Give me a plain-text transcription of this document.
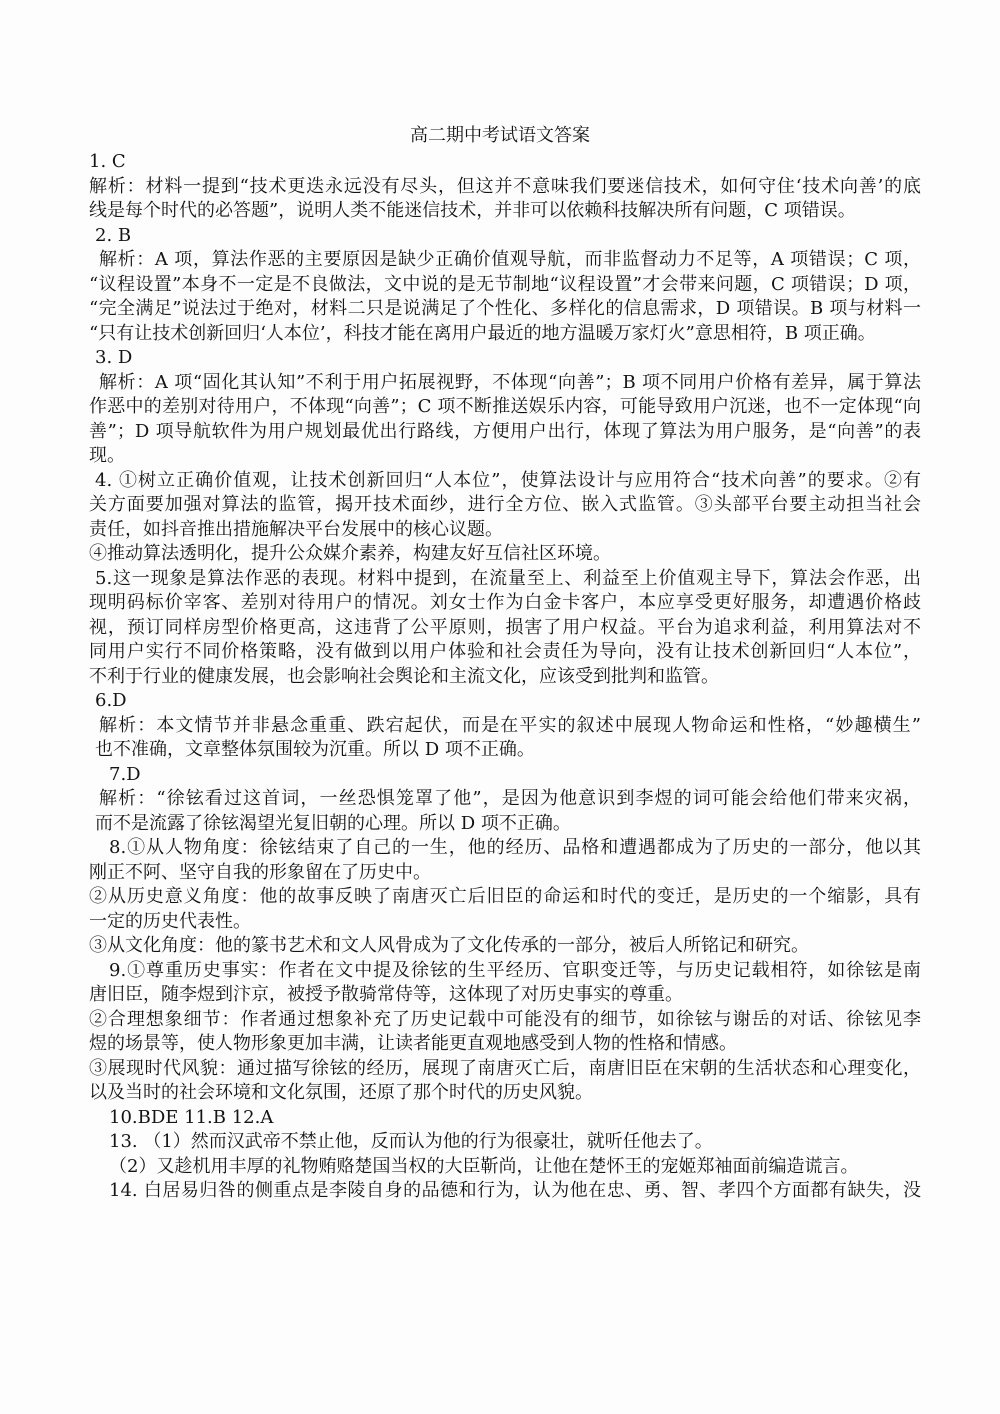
高二期中考试语文答案
1. C
解析：材料一提到“技术更迭永远没有尽头，但这并不意味我们要迷信技术，如何守住‘技术向善’的底
线是每个时代的必答题”，说明人类不能迷信技术，并非可以依赖科技解决所有问题，C 项错误。
2. B
解析：A 项，算法作恶的主要原因是缺少正确价值观导航，而非监督动力不足等，A 项错误；C 项，
“议程设置”本身不一定是不良做法，文中说的是无节制地“议程设置”才会带来问题，C 项错误；D 项，
“完全满足”说法过于绝对，材料二只是说满足了个性化、多样化的信息需求，D 项错误。B 项与材料一
“只有让技术创新回归‘人本位’，科技才能在离用户最近的地方温暖万家灯火”意思相符，B 项正确。
3. D
解析：A 项“固化其认知”不利于用户拓展视野，不体现“向善”；B 项不同用户价格有差异，属于算法
作恶中的差别对待用户，不体现“向善”；C 项不断推送娱乐内容，可能导致用户沉迷，也不一定体现“向
善”；D 项导航软件为用户规划最优出行路线，方便用户出行，体现了算法为用户服务，是“向善”的表
现。
4. ①树立正确价值观，让技术创新回归“人本位”，使算法设计与应用符合“技术向善”的要求。②有
关方面要加强对算法的监管，揭开技术面纱，进行全方位、嵌入式监管。③头部平台要主动担当社会
责任，如抖音推出措施解决平台发展中的核心议题。
④推动算法透明化，提升公众媒介素养，构建友好互信社区环境。
5.这一现象是算法作恶的表现。材料中提到，在流量至上、利益至上价值观主导下，算法会作恶，出
现明码标价宰客、差别对待用户的情况。刘女士作为白金卡客户，本应享受更好服务，却遭遇价格歧
视，预订同样房型价格更高，这违背了公平原则，损害了用户权益。平台为追求利益，利用算法对不
同用户实行不同价格策略，没有做到以用户体验和社会责任为导向，没有让技术创新回归“人本位”，
不利于行业的健康发展，也会影响社会舆论和主流文化，应该受到批判和监管。
6.D
解析：本文情节并非悬念重重、跌宕起伏，而是在平实的叙述中展现人物命运和性格，“妙趣横生”
也不准确，文章整体氛围较为沉重。所以 D 项不正确。
7.D
解析：“徐铉看过这首词，一丝恐惧笼罩了他”，是因为他意识到李煜的词可能会给他们带来灾祸，
而不是流露了徐铉渴望光复旧朝的心理。所以 D 项不正确。
8.①从人物角度：徐铉结束了自己的一生，他的经历、品格和遭遇都成为了历史的一部分，他以其
刚正不阿、坚守自我的形象留在了历史中。
②从历史意义角度：他的故事反映了南唐灭亡后旧臣的命运和时代的变迁，是历史的一个缩影，具有
一定的历史代表性。
③从文化角度：他的篆书艺术和文人风骨成为了文化传承的一部分，被后人所铭记和研究。
9.①尊重历史事实：作者在文中提及徐铉的生平经历、官职变迁等，与历史记载相符，如徐铉是南
唐旧臣，随李煜到汴京，被授予散骑常侍等，这体现了对历史事实的尊重。
②合理想象细节：作者通过想象补充了历史记载中可能没有的细节，如徐铉与谢岳的对话、徐铉见李
煜的场景等，使人物形象更加丰满，让读者能更直观地感受到人物的性格和情感。
③展现时代风貌：通过描写徐铉的经历，展现了南唐灭亡后，南唐旧臣在宋朝的生活状态和心理变化，
以及当时的社会环境和文化氛围，还原了那个时代的历史风貌。
10.BDE 11.B 12.A
13. （1）然而汉武帝不禁止他，反而认为他的行为很豪壮，就听任他去了。
（2）又趁机用丰厚的礼物贿赂楚国当权的大臣靳尚，让他在楚怀王的宠姬郑袖面前编造谎言。
14. 白居易归咎的侧重点是李陵自身的品德和行为，认为他在忠、勇、智、孝四个方面都有缺失，没
